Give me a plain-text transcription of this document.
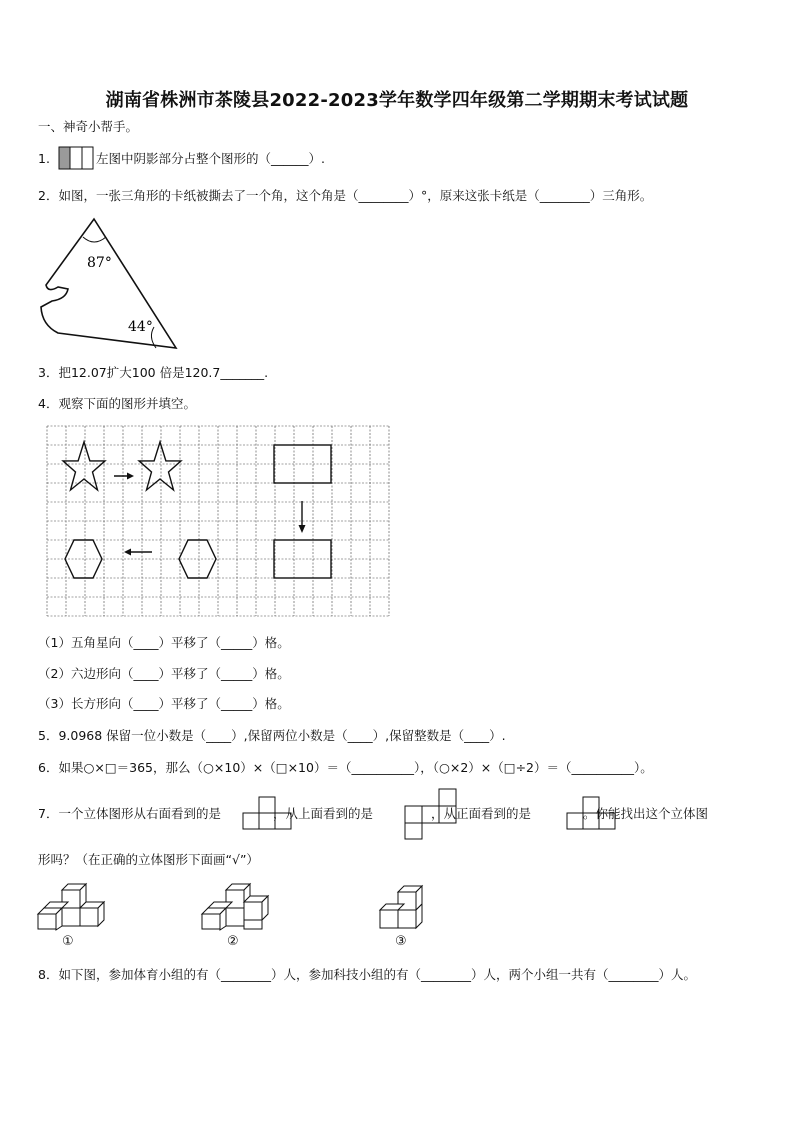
湖南省株洲市茶陵县2022-2023学年数学四年级第二学期期末考试试题
一、神奇小帮手。
1.	左图中阴影部分占整个图形的（______）.
2．如图，一张三角形的卡纸被撕去了一个角，这个角是（________）°，原来这张卡纸是（________）三角形。
87°
44°
3．把12.07扩大100 倍是120.7_______.
4．观察下面的图形并填空。
（1）五角星向（____）平移了（_____）格。
（2）六边形向（____）平移了（_____）格。
（3）长方形向（____）平移了（_____）格。
5．9.0968 保留一位小数是（____）,保留两位小数是（____）,保留整数是（____）.
6．如果○×□＝365，那么（○×10）×（□×10）＝（__________），（○×2）×（□÷2）＝（__________）。
7．一个立体图形从右面看到的是	，从上面看到的是	，从正面看到的是	。你能找出这个立体图
形吗？（在正确的立体图形下面画“√”）
①	②	③
8．如下图，参加体育小组的有（________）人，参加科技小组的有（________）人，两个小组一共有（________）人。
